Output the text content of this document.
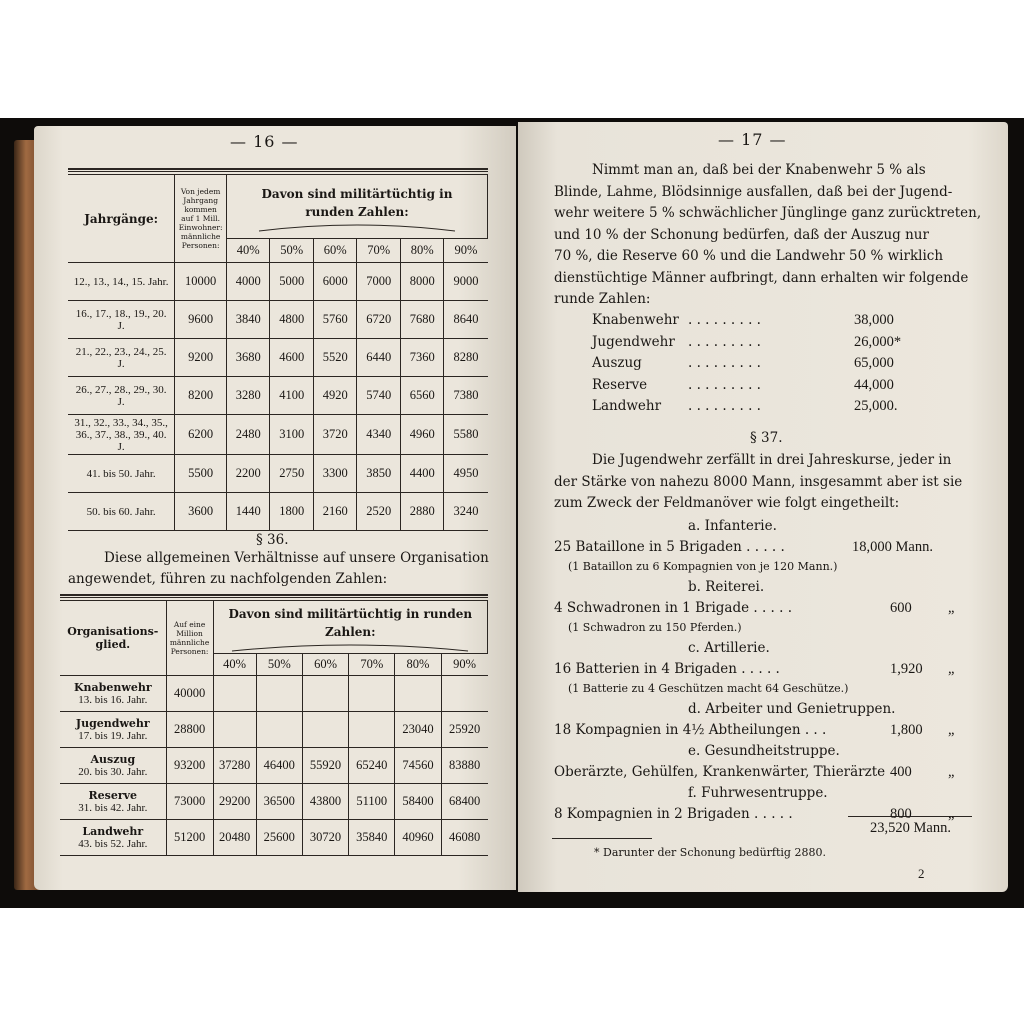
— 16 —
Jahrgänge:	Von jedem Jahrgang kommen auf 1 Mill. Einwohner: männliche Personen:	Davon sind militärtüchtig in runden Zahlen:					

		40%	50%	60%	70%	80%	90%
12., 13., 14., 15. Jahr.	10000	4000	5000	6000	7000	8000	9000
16., 17., 18., 19., 20. J.	9600	3840	4800	5760	6720	7680	8640
21., 22., 23., 24., 25. J.	9200	3680	4600	5520	6440	7360	8280
26., 27., 28., 29., 30. J.	8200	3280	4100	4920	5740	6560	7380
31., 32., 33., 34., 35., 36., 37., 38., 39., 40. J.	6200	2480	3100	3720	4340	4960	5580
41. bis 50. Jahr.	5500	2200	2750	3300	3850	4400	4950
50. bis 60. Jahr.	3600	1440	1800	2160	2520	2880	3240
§ 36.
Diese allgemeinen Verhältnisse auf unsere Organisation
angewendet, führen zu nachfolgenden Zahlen:
Organisations-glied.	Auf eine Million männliche Personen:	Davon sind militärtüchtig in runden Zahlen:					

		40%	50%	60%	70%	80%	90%

Knabenwehr
13. bis 16. Jahr.	40000						

Jugendwehr
17. bis 19. Jahr.	28800					23040	25920

Auszug
20. bis 30. Jahr.	93200	37280	46400	55920	65240	74560	83880

Reserve
31. bis 42. Jahr.	73000	29200	36500	43800	51100	58400	68400

Landwehr
43. bis 52. Jahr.	51200	20480	25600	30720	35840	40960	46080
— 17 —
§ 37.
23,520 Mann.
* Darunter der Schonung bedürftig 2880.
2
Nimmt man an, daß bei der Knabenwehr 5 % als
Blinde, Lahme, Blödsinnige ausfallen, daß bei der Jugend-
wehr weitere 5 % schwächlicher Jünglinge ganz zurücktreten,
und 10 % der Schonung bedürfen, daß der Auszug nur
70 %, die Reserve 60 % und die Landwehr 50 % wirklich
dienstüchtige Männer aufbringt, dann erhalten wir folgende
runde Zahlen:
Knabenwehr . . . . . . . . .	38,000
Jugendwehr . . . . . . . . .	26,000*
Auszug	. . . . . . . . .	65,000
Reserve	. . . . . . . . .	44,000
Landwehr . . . . . . . . .	25,000.
Die Jugendwehr zerfällt in drei Jahreskurse, jeder in
der Stärke von nahezu 8000 Mann, insgesammt aber ist sie
zum Zweck der Feldmanöver wie folgt eingetheilt:
a. Infanterie.
25 Bataillone in 5 Brigaden . . . . .	18,000 Mann.
(1 Bataillon zu 6 Kompagnien von je 120 Mann.)
b. Reiterei.
4 Schwadronen in 1 Brigade . . . . .	600	„
(1 Schwadron zu 150 Pferden.)
c. Artillerie.
16 Batterien in 4 Brigaden . . . . .	1,920 „
(1 Batterie zu 4 Geschützen macht 64 Geschütze.)
d. Arbeiter und Genietruppen.
18 Kompagnien in 4½ Abtheilungen . . .	1,800 „
e. Gesundheitstruppe.
Oberärzte, Gehülfen, Krankenwärter, Thierärzte 400	„
f. Fuhrwesentruppe.
8 Kompagnien in 2 Brigaden . . . . .	800	„
